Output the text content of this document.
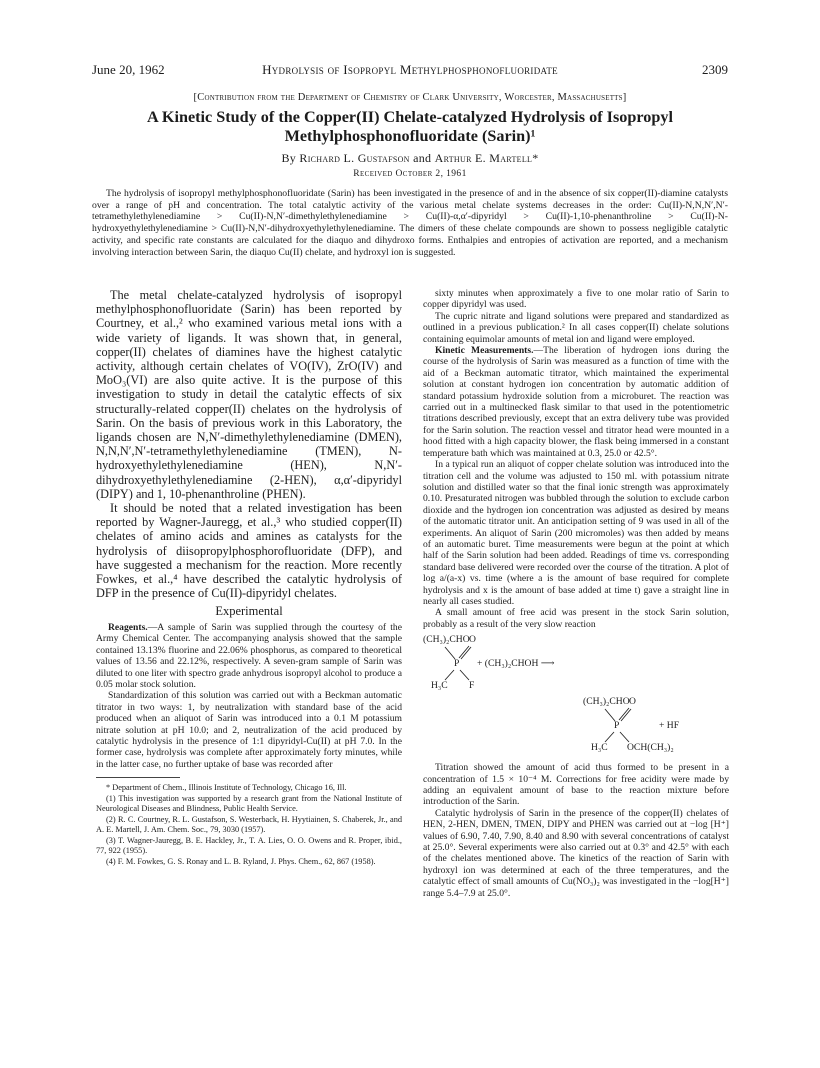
June 20, 1962	Hydrolysis of Isopropyl Methylphosphonofluoridate	2309
[Contribution from the Department of Chemistry of Clark University, Worcester, Massachusetts]
A Kinetic Study of the Copper(II) Chelate-catalyzed Hydrolysis of Isopropyl
Methylphosphonofluoridate (Sarin)¹
By Richard L. Gustafson and Arthur E. Martell*
Received October 2, 1961
The hydrolysis of isopropyl methylphosphonofluoridate (Sarin) has been investigated in the presence of and in the absence of six copper(II)-diamine catalysts over a range of pH and concentration. The total catalytic activity of the various metal chelate systems decreases in the order: Cu(II)-N,N,N′,N′-tetramethylethylenediamine > Cu(II)-N,N′-dimethylethylenediamine > Cu(II)-α,α′-dipyridyl > Cu(II)-1,10-phenanthroline > Cu(II)-N-hydroxyethylethylenediamine > Cu(II)-N,N′-dihydroxyethylethylenediamine. The dimers of these chelate compounds are shown to possess negligible catalytic activity, and specific rate constants are calculated for the diaquo and dihydroxo forms. Enthalpies and entropies of activation are reported, and a mechanism involving interaction between Sarin, the diaquo Cu(II) chelate, and hydroxyl ion is suggested.

The metal chelate-catalyzed hydrolysis of isopropyl methylphosphonofluoridate (Sarin) has been reported by Courtney, et al.,² who examined various metal ions with a wide variety of ligands. It was shown that, in general, copper(II) chelates of diamines have the highest catalytic activity, although certain chelates of VO(IV), ZrO(IV) and MoO₃(VI) are also quite active. It is the purpose of this investigation to study in detail the catalytic effects of six structurally-related copper(II) chelates on the hydrolysis of Sarin. On the basis of previous work in this Laboratory, the ligands chosen are N,N′-dimethylethylenediamine (DMEN), N,N,N′,N′-tetramethylethylenediamine (TMEN), N-hydroxyethylethylenediamine (HEN), N,N′-dihydroxyethylethylenediamine (2-HEN), α,α′-dipyridyl (DIPY) and 1, 10-phenanthroline (PHEN).

It should be noted that a related investigation has been reported by Wagner-Jauregg, et al.,³ who studied copper(II) chelates of amino acids and amines as catalysts for the hydrolysis of diisopropylphosphorofluoridate (DFP), and have suggested a mechanism for the reaction. More recently Fowkes, et al.,⁴ have described the catalytic hydrolysis of DFP in the presence of Cu(II)-dipyridyl chelates.

Experimental

Reagents.—A sample of Sarin was supplied through the courtesy of the Army Chemical Center. The accompanying analysis showed that the sample contained 13.13% fluorine and 22.06% phosphorus, as compared to theoretical values of 13.56 and 22.12%, respectively. A seven-gram sample of Sarin was diluted to one liter with spectro grade anhydrous isopropyl alcohol to produce a 0.05 molar stock solution.

Standardization of this solution was carried out with a Beckman automatic titrator in two ways: 1, by neutralization with standard base of the acid produced when an aliquot of Sarin was introduced into a 0.1 M potassium nitrate solution at pH 10.0; and 2, neutralization of the acid produced by catalytic hydrolysis in the presence of 1:1 dipyridyl-Cu(II) at pH 7.0. In the former case, hydrolysis was complete after approximately forty minutes, while in the latter case, no further uptake of base was recorded after

* Department of Chem., Illinois Institute of Technology, Chicago 16, Ill.

(1) This investigation was supported by a research grant from the National Institute of Neurological Diseases and Blindness, Public Health Service.

(2) R. C. Courtney, R. L. Gustafson, S. Westerback, H. Hyytiainen, S. Chaberek, Jr., and A. E. Martell, J. Am. Chem. Soc., 79, 3030 (1957).

(3) T. Wagner-Jauregg, B. E. Hackley, Jr., T. A. Lies, O. O. Owens and R. Proper, ibid., 77, 922 (1955).

(4) F. M. Fowkes, G. S. Ronay and L. B. Ryland, J. Phys. Chem., 62, 867 (1958).

sixty minutes when approximately a five to one molar ratio of Sarin to copper dipyridyl was used.

The cupric nitrate and ligand solutions were prepared and standardized as outlined in a previous publication.² In all cases copper(II) chelate solutions containing equimolar amounts of metal ion and ligand were employed.

Kinetic Measurements.—The liberation of hydrogen ions during the course of the hydrolysis of Sarin was measured as a function of time with the aid of a Beckman automatic titrator, which maintained the experimental solution at constant hydrogen ion concentration by automatic addition of standard potassium hydroxide solution from a microburet. The reaction was carried out in a multinecked flask similar to that used in the potentiometric titrations described previously, except that an extra delivery tube was provided for the Sarin solution. The reaction vessel and titrator head were mounted in a hood fitted with a high capacity blower, the flask being immersed in a constant temperature bath which was maintained at 0.3, 25.0 or 42.5°.

In a typical run an aliquot of copper chelate solution was introduced into the titration cell and the volume was adjusted to 150 ml. with potassium nitrate solution and distilled water so that the final ionic strength was approximately 0.10. Presaturated nitrogen was bubbled through the solution to exclude carbon dioxide and the hydrogen ion concentration was adjusted as desired by means of the automatic titrator unit. An anticipation setting of 9 was used in all of the experiments. An aliquot of Sarin (200 micromoles) was then added by means of an automatic buret. Time measurements were begun at the point at which half of the Sarin solution had been added. Readings of time vs. corresponding standard base delivered were recorded over the course of the titration. A plot of log a/(a-x) vs. time (where a is the amount of base required for complete hydrolysis and x is the amount of base added at time t) gave a straight line in nearly all cases studied.

A small amount of free acid was present in the stock Sarin solution, probably as a result of the very slow reaction

(CH₃)₂CHO O
P + (CH₃)₂CHOH ⟶
H₃C F
(CH₃)₂CHO O
P	+ HF
H₃C OCH(CH₃)₂

Titration showed the amount of acid thus formed to be present in a concentration of 1.5 × 10⁻⁴ M. Corrections for free acidity were made by adding an equivalent amount of base to the reaction mixture before introduction of the Sarin.

Catalytic hydrolysis of Sarin in the presence of the copper(II) chelates of HEN, 2-HEN, DMEN, TMEN, DIPY and PHEN was carried out at −log [H⁺] values of 6.90, 7.40, 7.90, 8.40 and 8.90 with several concentrations of catalyst at 25.0°. Several experiments were also carried out at 0.3° and 42.5° with each of the chelates mentioned above. The kinetics of the reaction of Sarin with hydroxyl ion was determined at each of the three temperatures, and the catalytic effect of small amounts of Cu(NO₃)₂ was investigated in the −log[H⁺] range 5.4–7.9 at 25.0°.
